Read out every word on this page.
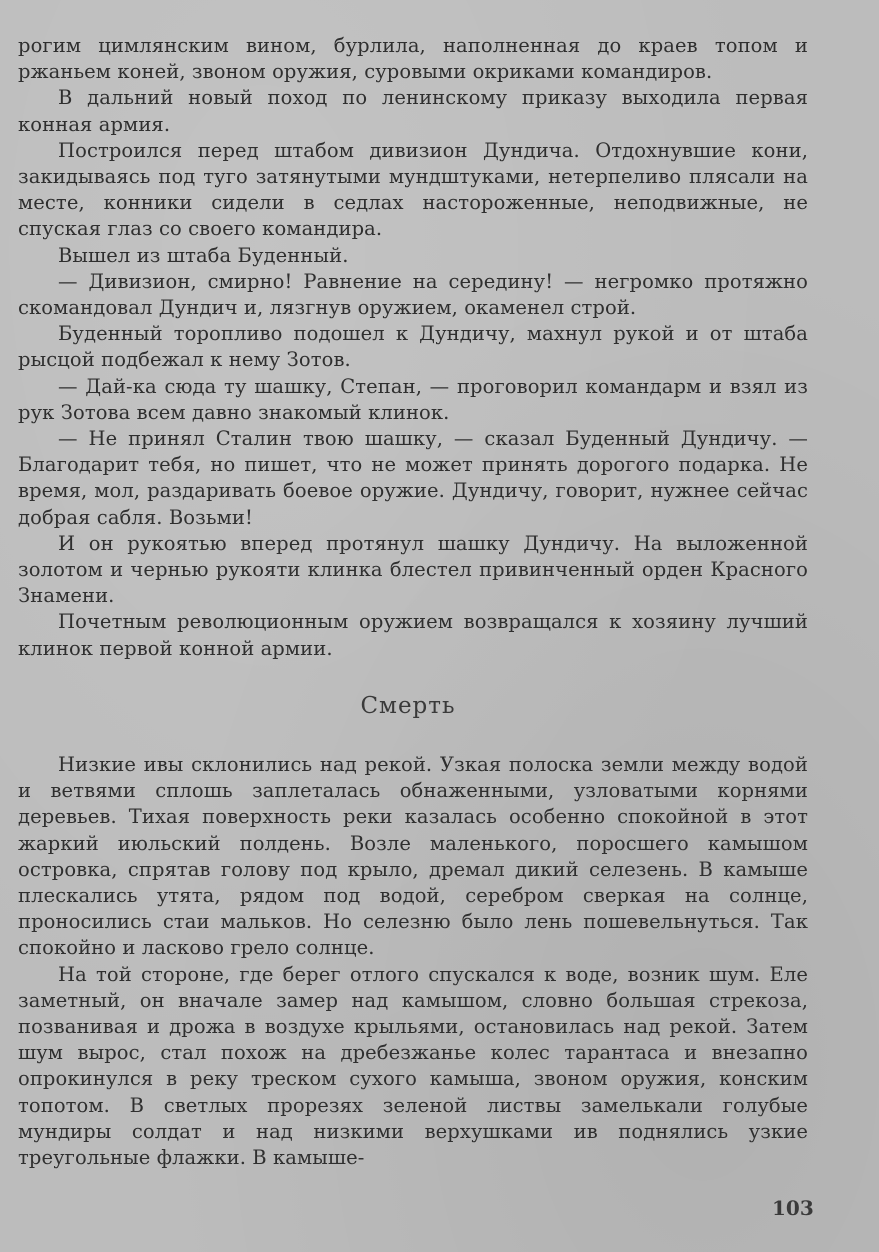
рогим цимлянским вином, бурлила, наполненная до краев топом и ржаньем коней, звоном оружия, суровыми окриками командиров.

В дальний новый поход по ленинскому приказу выходила первая конная армия.

Построился перед штабом дивизион Дундича. Отдохнувшие кони, закидываясь под туго затянутыми мундштуками, нетерпеливо плясали на месте, конники сидели в седлах настороженные, неподвижные, не спуская глаз со своего командира.

Вышел из штаба Буденный.

— Дивизион, смирно! Равнение на середину! — негромко протяжно скомандовал Дундич и, лязгнув оружием, окаменел строй.

Буденный торопливо подошел к Дундичу, махнул рукой и от штаба рысцой подбежал к нему Зотов.

— Дай-ка сюда ту шашку, Степан, — проговорил командарм и взял из рук Зотова всем давно знакомый клинок.

— Не принял Сталин твою шашку, — сказал Буденный Дундичу. — Благодарит тебя, но пишет, что не может принять дорогого подарка. Не время, мол, раздаривать боевое оружие. Дундичу, говорит, нужнее сейчас добрая сабля. Возьми!

И он рукоятью вперед протянул шашку Дундичу. На выложенной золотом и чернью рукояти клинка блестел привинченный орден Красного Знамени.

Почетным революционным оружием возвращался к хозяину лучший клинок первой конной армии.

Смерть

Низкие ивы склонились над рекой. Узкая полоска земли между водой и ветвями сплошь заплеталась обнаженными, узловатыми корнями деревьев. Тихая поверхность реки казалась особенно спокойной в этот жаркий июльский полдень. Возле маленького, поросшего камышом островка, спрятав голову под крыло, дремал дикий селезень. В камыше плескались утята, рядом под водой, серебром сверкая на солнце, проносились стаи мальков. Но селезню было лень пошевельнуться. Так спокойно и ласково грело солнце.

На той стороне, где берег отлого спускался к воде, возник шум. Еле заметный, он вначале замер над камышом, словно большая стрекоза, позванивая и дрожа в воздухе крыльями, остановилась над рекой. Затем шум вырос, стал похож на дребезжанье колес тарантаса и внезапно опрокинулся в реку треском сухого камыша, звоном оружия, конским топотом. В светлых прорезях зеленой листвы замелькали голубые мундиры солдат и над низкими верхушками ив поднялись узкие треугольные флажки. В камыше-

103
